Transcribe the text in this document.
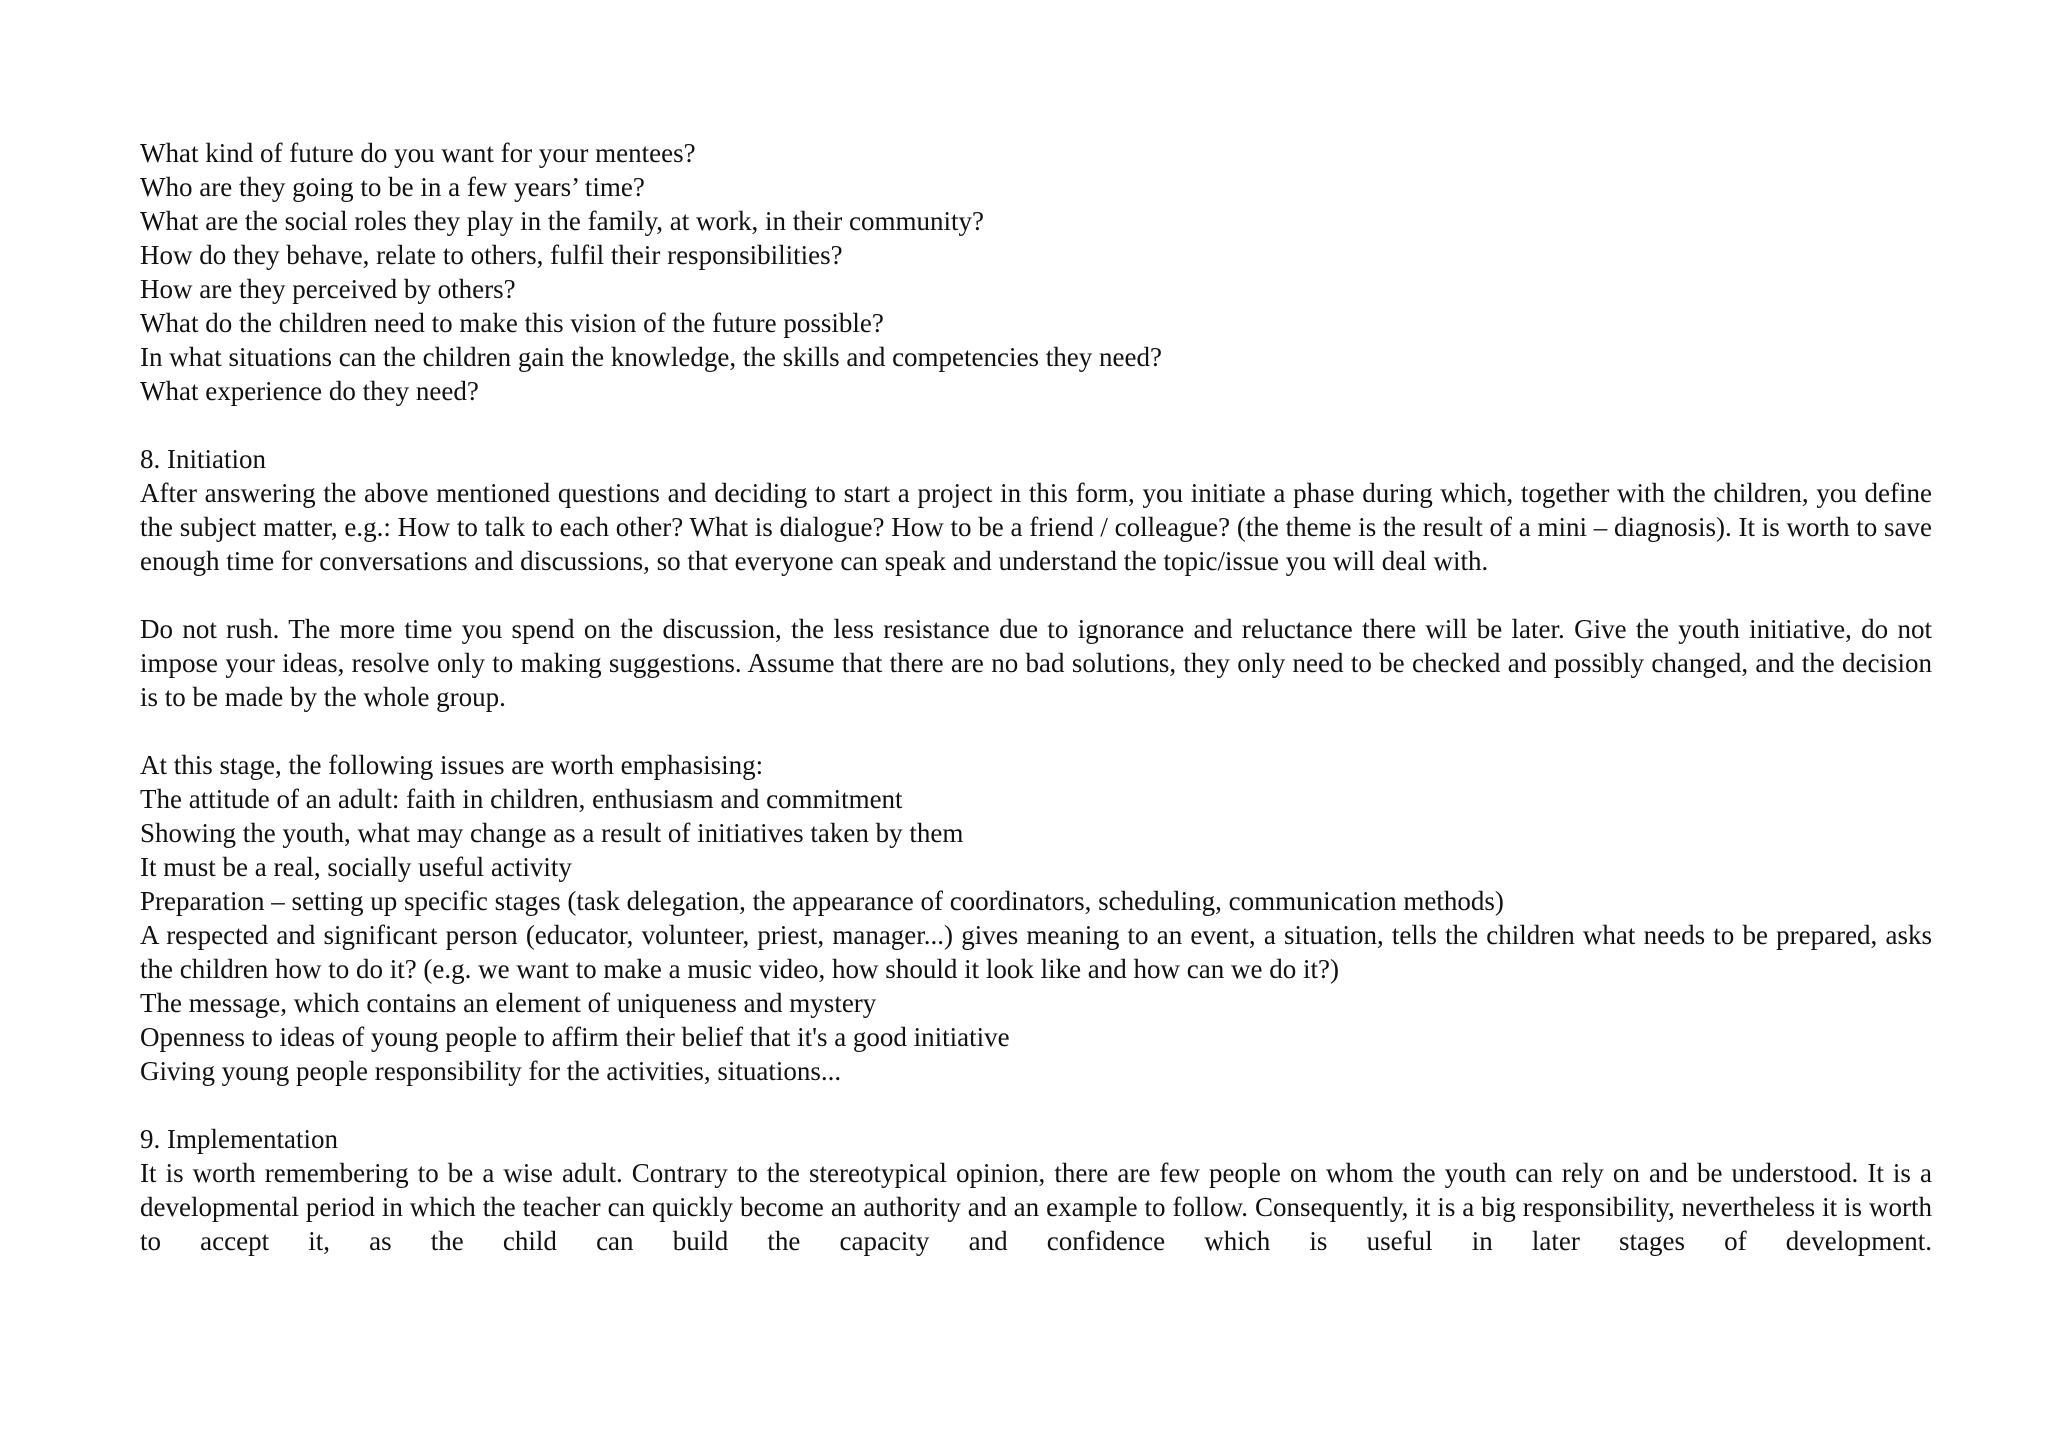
What kind of future do you want for your mentees?

Who are they going to be in a few years’ time?

What are the social roles they play in the family, at work, in their community?

How do they behave, relate to others, fulfil their responsibilities?

How are they perceived by others?

What do the children need to make this vision of the future possible?

In what situations can the children gain the knowledge, the skills and competencies they need?

What experience do they need?

8. Initiation

After answering the above mentioned questions and deciding to start a project in this form, you initiate a phase during which, together with the children, you define the subject matter, e.g.: How to talk to each other? What is dialogue? How to be a friend / colleague? (the theme is the result of a mini – diagnosis). It is worth to save enough time for conversations and discussions, so that everyone can speak and understand the topic/issue you will deal with.

Do not rush. The more time you spend on the discussion, the less resistance due to ignorance and reluctance there will be later. Give the youth initiative, do not impose your ideas, resolve only to making suggestions. Assume that there are no bad solutions, they only need to be checked and possibly changed, and the decision is to be made by the whole group.

At this stage, the following issues are worth emphasising:

The attitude of an adult: faith in children, enthusiasm and commitment

Showing the youth, what may change as a result of initiatives taken by them

It must be a real, socially useful activity

Preparation – setting up specific stages (task delegation, the appearance of coordinators, scheduling, communication methods)

A respected and significant person (educator, volunteer, priest, manager...) gives meaning to an event, a situation, tells the children what needs to be prepared, asks the children how to do it? (e.g. we want to make a music video, how should it look like and how can we do it?)

The message, which contains an element of uniqueness and mystery

Openness to ideas of young people to affirm their belief that it's a good initiative

Giving young people responsibility for the activities, situations...

9. Implementation

It is worth remembering to be a wise adult. Contrary to the stereotypical opinion, there are few people on whom the youth can rely on and be understood. It is a developmental period in which the teacher can quickly become an authority and an example to follow. Consequently, it is a big responsibility, nevertheless it is worth to accept it, as the child can build the capacity and confidence which is useful in later stages of development.
